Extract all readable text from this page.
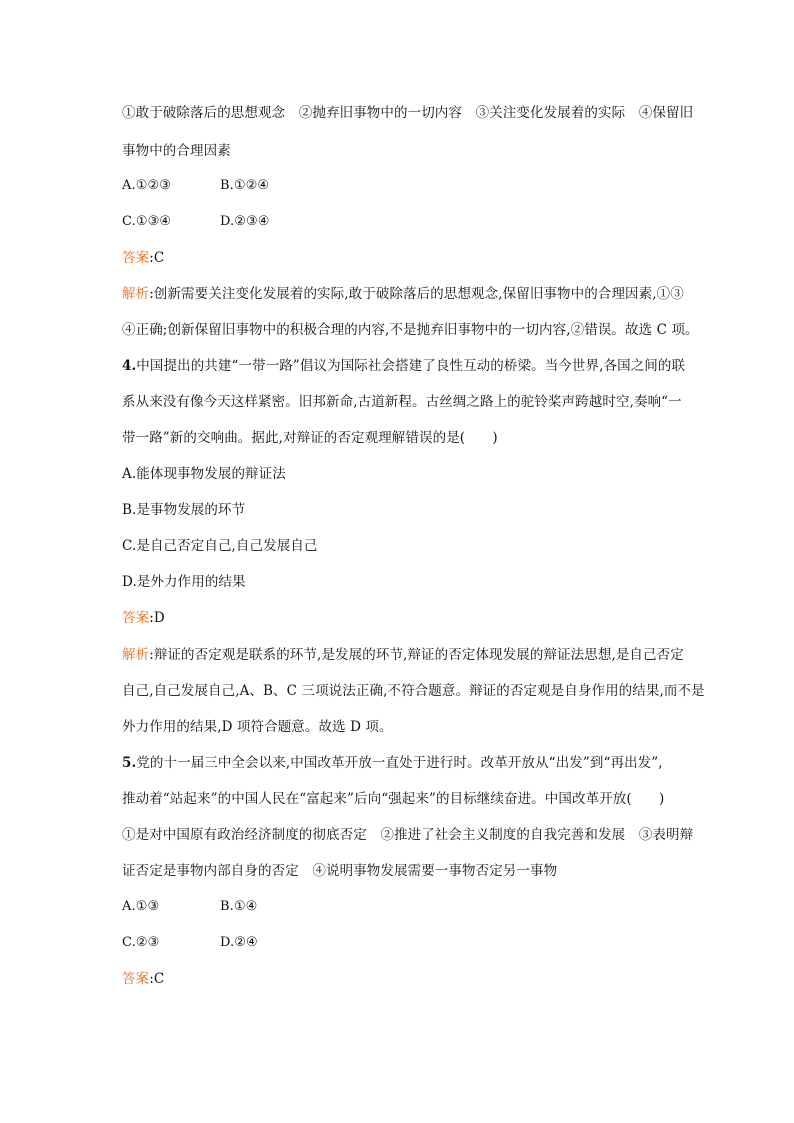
①敢于破除落后的思想观念　②抛弃旧事物中的一切内容　③关注变化发展着的实际　④保留旧
事物中的合理因素
A.①②③	B.①②④
C.①③④	D.②③④
答案:C
解析:创新需要关注变化发展着的实际,敢于破除落后的思想观念,保留旧事物中的合理因素,①③
④正确;创新保留旧事物中的积极合理的内容,不是抛弃旧事物中的一切内容,②错误。故选 C 项。
4.中国提出的共建“一带一路”倡议为国际社会搭建了良性互动的桥梁。当今世界,各国之间的联
系从来没有像今天这样紧密。旧邦新命,古道新程。古丝绸之路上的驼铃桨声跨越时空,奏响“一
带一路”新的交响曲。据此,对辩证的否定观理解错误的是(　　)
A.能体现事物发展的辩证法
B.是事物发展的环节
C.是自己否定自己,自己发展自己
D.是外力作用的结果
答案:D
解析:辩证的否定观是联系的环节,是发展的环节,辩证的否定体现发展的辩证法思想,是自己否定
自己,自己发展自己,A、B、C 三项说法正确,不符合题意。辩证的否定观是自身作用的结果,而不是
外力作用的结果,D 项符合题意。故选 D 项。
5.党的十一届三中全会以来,中国改革开放一直处于进行时。改革开放从“出发”到“再出发”,
推动着“站起来”的中国人民在“富起来”后向“强起来”的目标继续奋进。中国改革开放(　　)
①是对中国原有政治经济制度的彻底否定　②推进了社会主义制度的自我完善和发展　③表明辩
证否定是事物内部自身的否定　④说明事物发展需要一事物否定另一事物
A.①③	B.①④
C.②③	D.②④
答案:C
